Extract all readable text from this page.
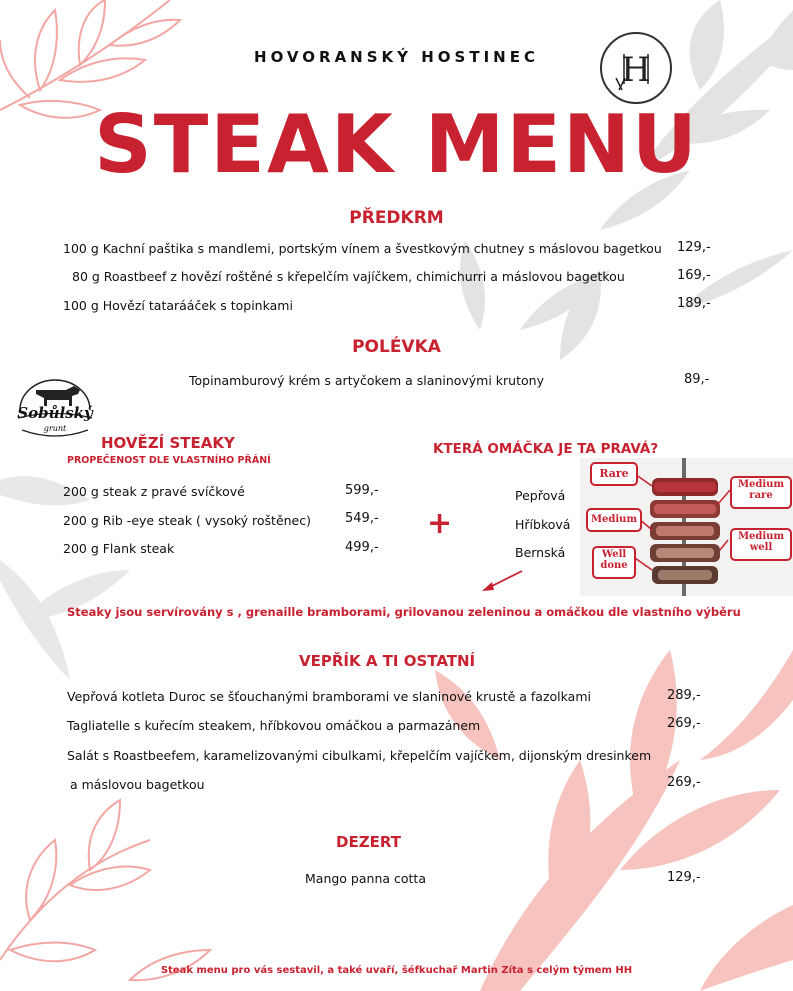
HOVORANSKÝ HOSTINEC	H
STEAK MENU
PŘEDKRM
100 g Kachní paštika s mandlemi, portským vínem a švestkovým chutney s máslovou bagetkou 129,-
80 g Roastbeef z hovězí roštěné s křepelčím vajíčkem, chimichurri a máslovou bagetkou	169,-
100 g Hovězí tatarááček s topinkami	189,-
POLÉVKA
Topinamburový krém s artyčokem a slaninovými krutony	89,-
Sobůlský
grunt
HOVĚZÍ STEAKY
PROPEČENOST DLE VLASTNÍHO PŘÁNÍ
200 g steak z pravé svíčkové	599,-
200 g Rib -eye steak ( vysoký roštěnec)	549,-
200 g Flank steak	499,-
+
KTERÁ OMÁČKA JE TA PRAVÁ?
Pepřová
Hříbková
Bernská
Rare
Medium rare
Medium
Medium well
Well done
Steaky jsou servírovány s , grenaille bramborami, grilovanou zeleninou a omáčkou dle vlastního výběru
VEPŘÍK A TI OSTATNÍ
Vepřová kotleta Duroc se šťouchanými bramborami ve slaninové krustě a fazolkami	289,-
Tagliatelle s kuřecím steakem, hříbkovou omáčkou a parmazánem	269,-
Salát s Roastbeefem, karamelizovanými cibulkami, křepelčím vajíčkem, dijonským dresinkem
a máslovou bagetkou	269,-
DEZERT
Mango panna cotta	129,-
Steak menu pro vás sestavil, a také uvaří, šéfkuchař Martin Zíta s celým týmem HH
